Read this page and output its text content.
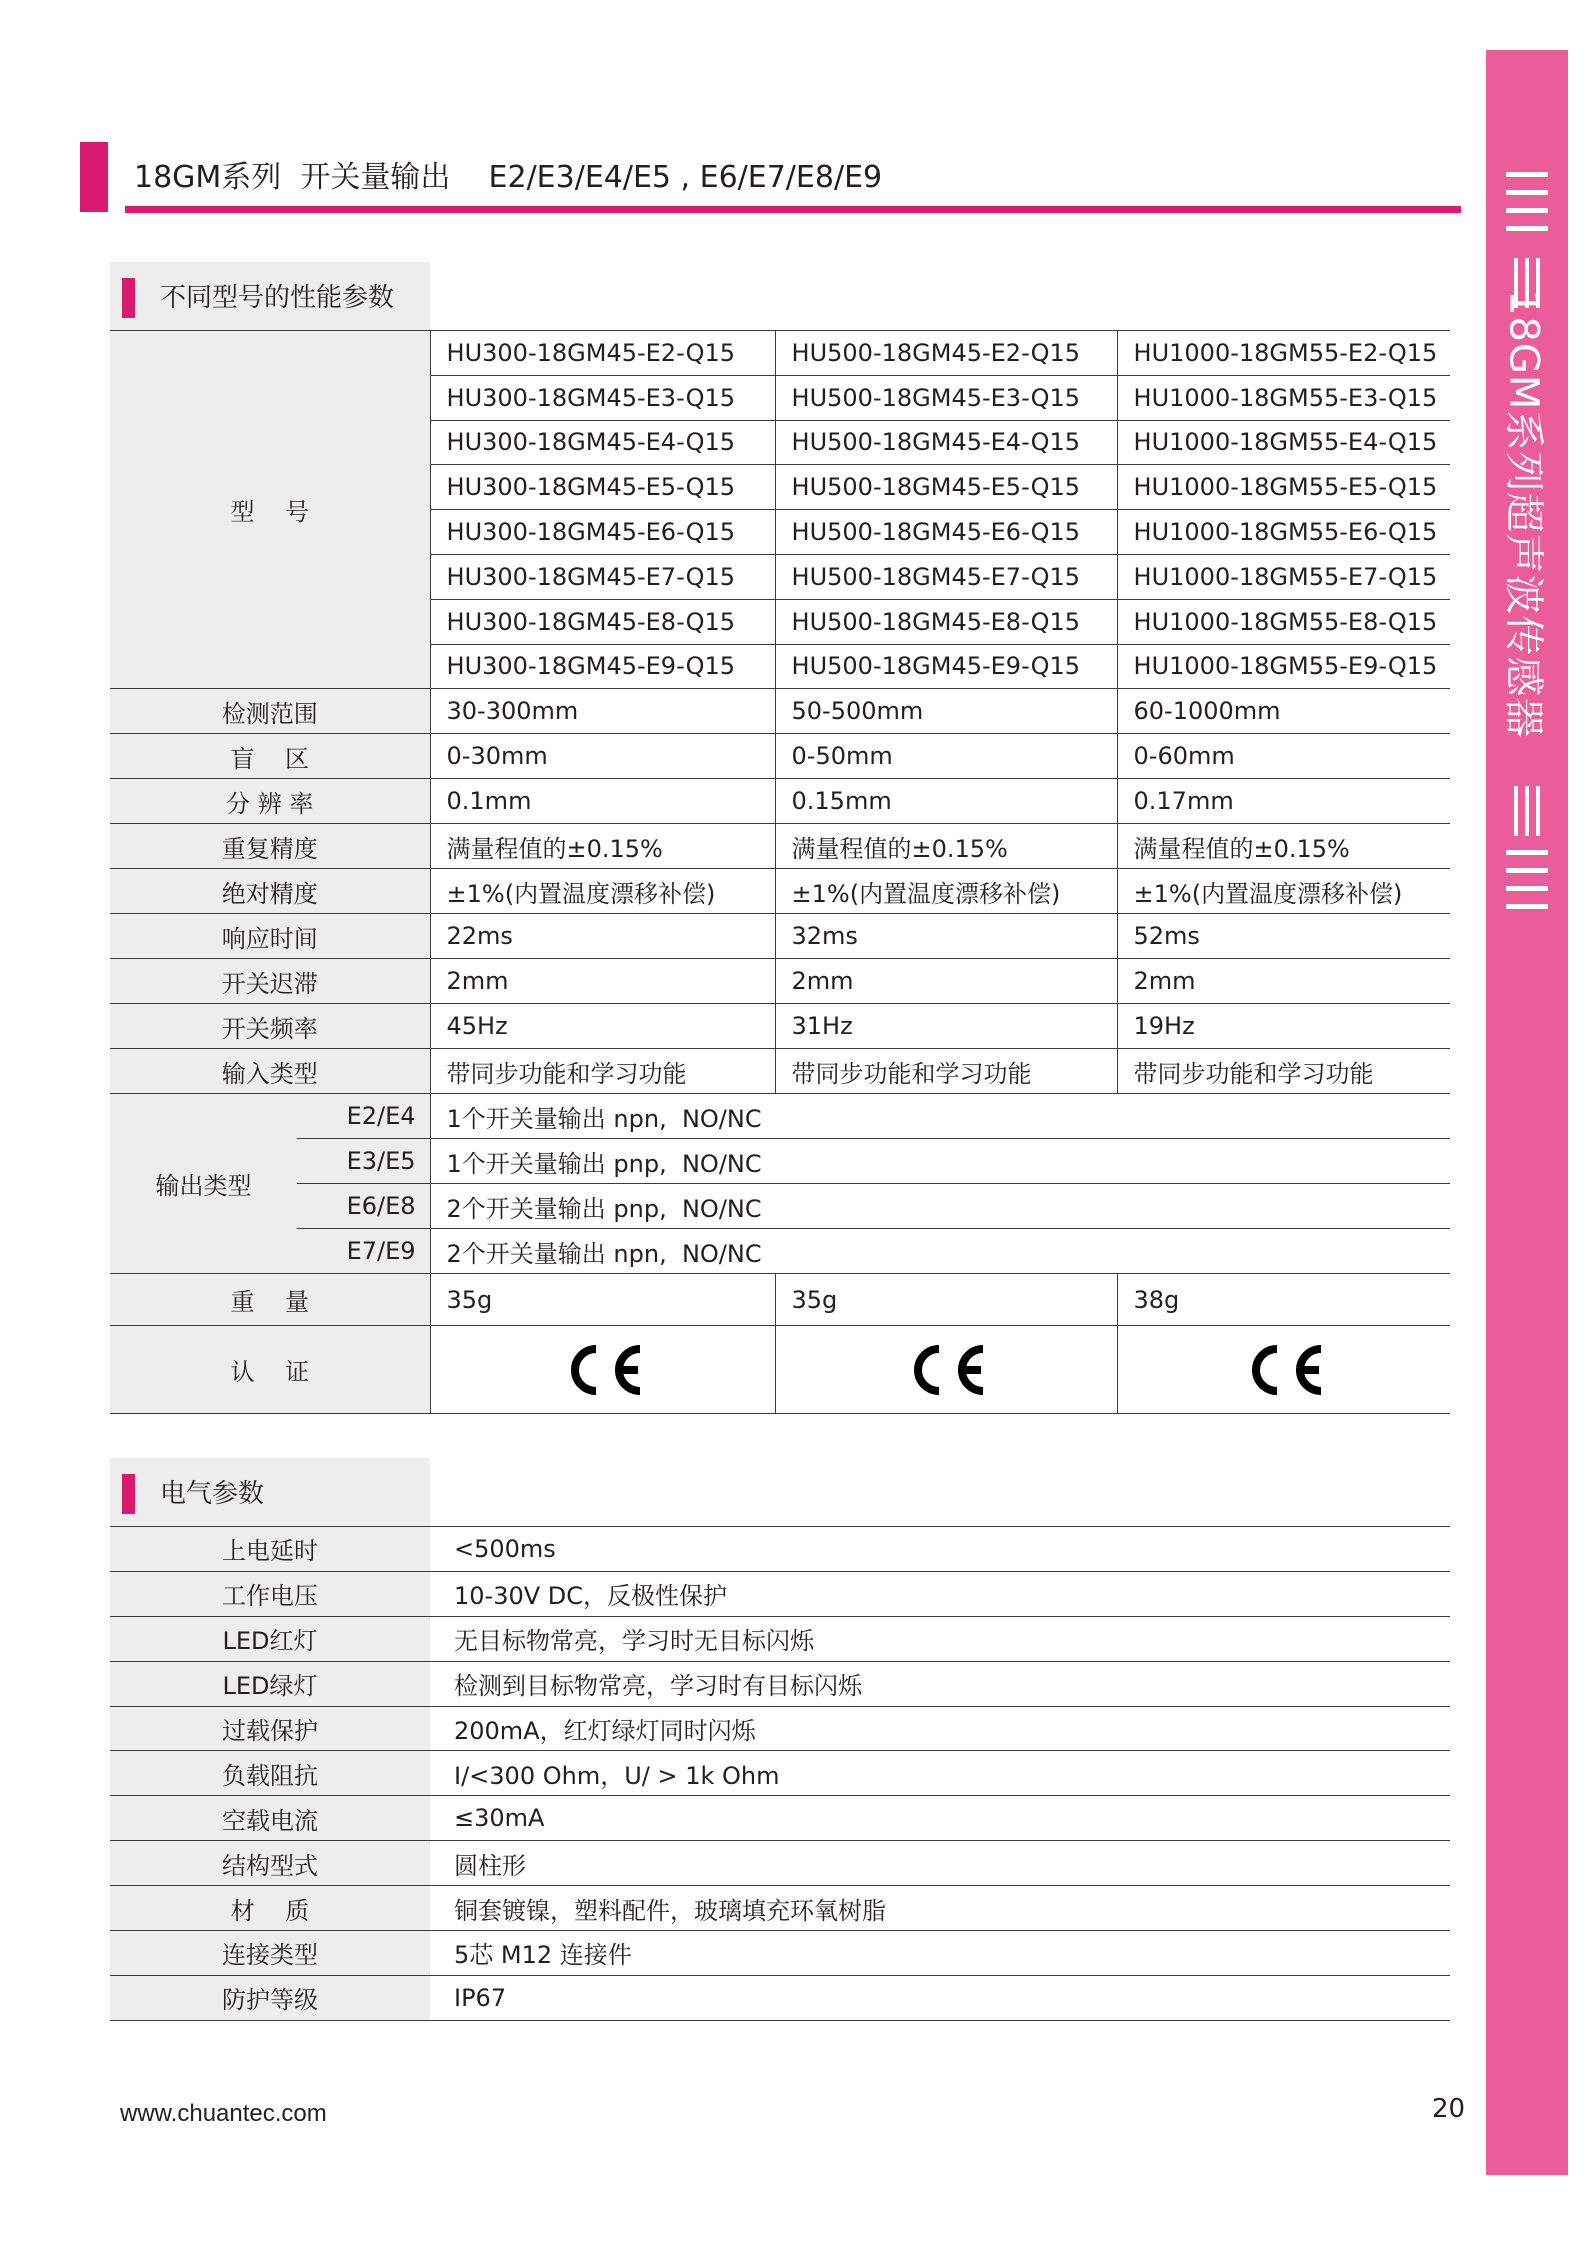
18GM系列  开关量输出    E2/E3/E4/E5 , E6/E7/E8/E9
18GM系列超声波传感器
不同型号的性能参数
型    号		HU300-18GM45-E2-Q15	HU500-18GM45-E2-Q15	HU1000-18GM55-E2-Q15
		HU300-18GM45-E3-Q15	HU500-18GM45-E3-Q15	HU1000-18GM55-E3-Q15
		HU300-18GM45-E4-Q15	HU500-18GM45-E4-Q15	HU1000-18GM55-E4-Q15
		HU300-18GM45-E5-Q15	HU500-18GM45-E5-Q15	HU1000-18GM55-E5-Q15
		HU300-18GM45-E6-Q15	HU500-18GM45-E6-Q15	HU1000-18GM55-E6-Q15
		HU300-18GM45-E7-Q15	HU500-18GM45-E7-Q15	HU1000-18GM55-E7-Q15
		HU300-18GM45-E8-Q15	HU500-18GM45-E8-Q15	HU1000-18GM55-E8-Q15
		HU300-18GM45-E9-Q15	HU500-18GM45-E9-Q15	HU1000-18GM55-E9-Q15
检测范围		30-300mm	50-500mm	60-1000mm
盲    区		0-30mm	0-50mm	0-60mm
分 辨 率		0.1mm	0.15mm	0.17mm
重复精度		满量程值的±0.15%	满量程值的±0.15%	满量程值的±0.15%
绝对精度		±1%(内置温度漂移补偿)	±1%(内置温度漂移补偿)	±1%(内置温度漂移补偿)
响应时间		22ms	32ms	52ms
开关迟滞		2mm	2mm	2mm
开关频率		45Hz	31Hz	19Hz
输入类型		带同步功能和学习功能	带同步功能和学习功能	带同步功能和学习功能
输出类型	E2/E4	1个开关量输出 npn,  NO/NC		
	E3/E5	1个开关量输出 pnp,  NO/NC		
	E6/E8	2个开关量输出 pnp,  NO/NC		
	E7/E9	2个开关量输出 npn,  NO/NC		
重    量		35g	35g	38g
认    证	

电气参数
上电延时	<500ms
工作电压	10-30V DC，反极性保护
LED红灯	无目标物常亮，学习时无目标闪烁
LED绿灯	检测到目标物常亮，学习时有目标闪烁
过载保护	200mA，红灯绿灯同时闪烁
负载阻抗	I/<300 Ohm，U/ > 1k Ohm
空载电流	≤30mA
结构型式	圆柱形
材    质	铜套镀镍，塑料配件，玻璃填充环氧树脂
连接类型	5芯 M12 连接件
防护等级	IP67
www.chuantec.com	20
